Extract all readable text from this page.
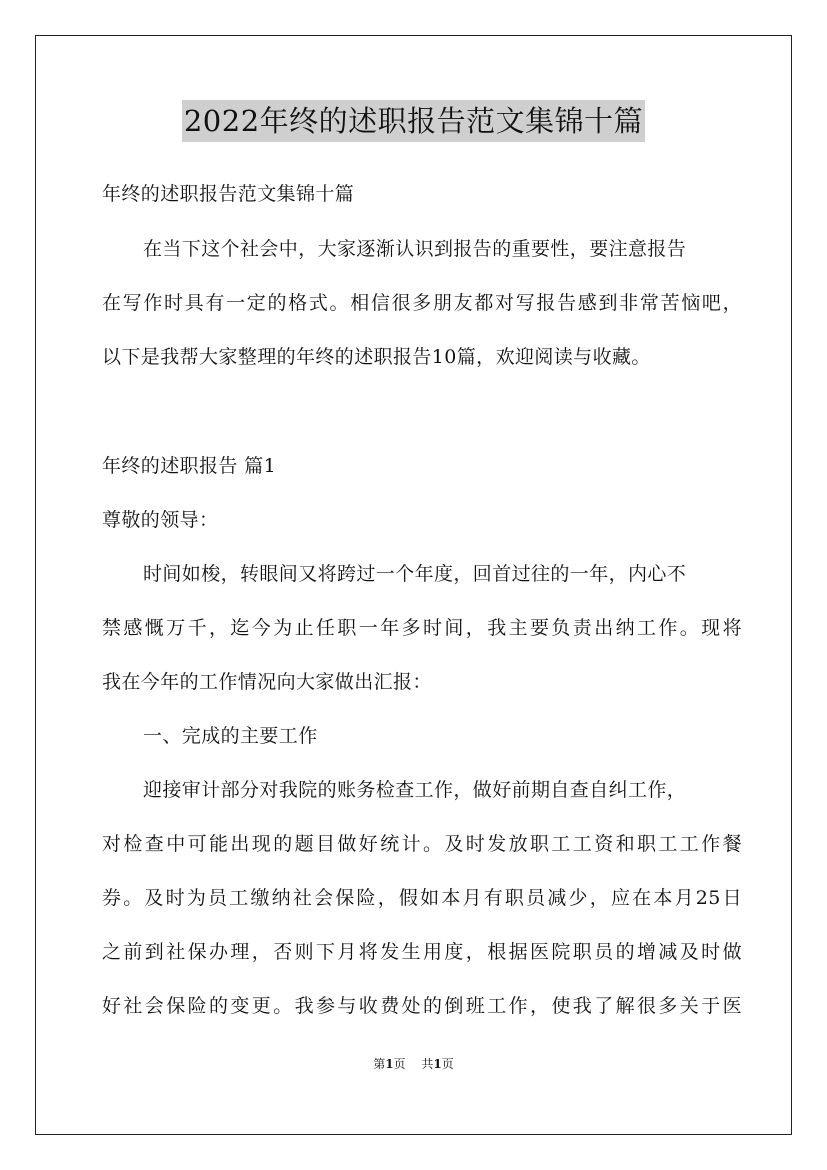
2022年终的述职报告范文集锦十篇
年终的述职报告范文集锦十篇
在当下这个社会中，大家逐渐认识到报告的重要性，要注意报告
在写作时具有一定的格式。相信很多朋友都对写报告感到非常苦恼吧，
以下是我帮大家整理的年终的述职报告10篇，欢迎阅读与收藏。
年终的述职报告 篇1
尊敬的领导：
时间如梭，转眼间又将跨过一个年度，回首过往的一年，内心不
禁感慨万千，迄今为止任职一年多时间，我主要负责出纳工作。现将
我在今年的工作情况向大家做出汇报：
一、完成的主要工作
迎接审计部分对我院的账务检查工作，做好前期自查自纠工作，
对检查中可能出现的题目做好统计。及时发放职工工资和职工工作餐
券。及时为员工缴纳社会保险，假如本月有职员减少，应在本月25日
之前到社保办理，否则下月将发生用度，根据医院职员的增减及时做
好社会保险的变更。我参与收费处的倒班工作，使我了解很多关于医
第1页 共1页
